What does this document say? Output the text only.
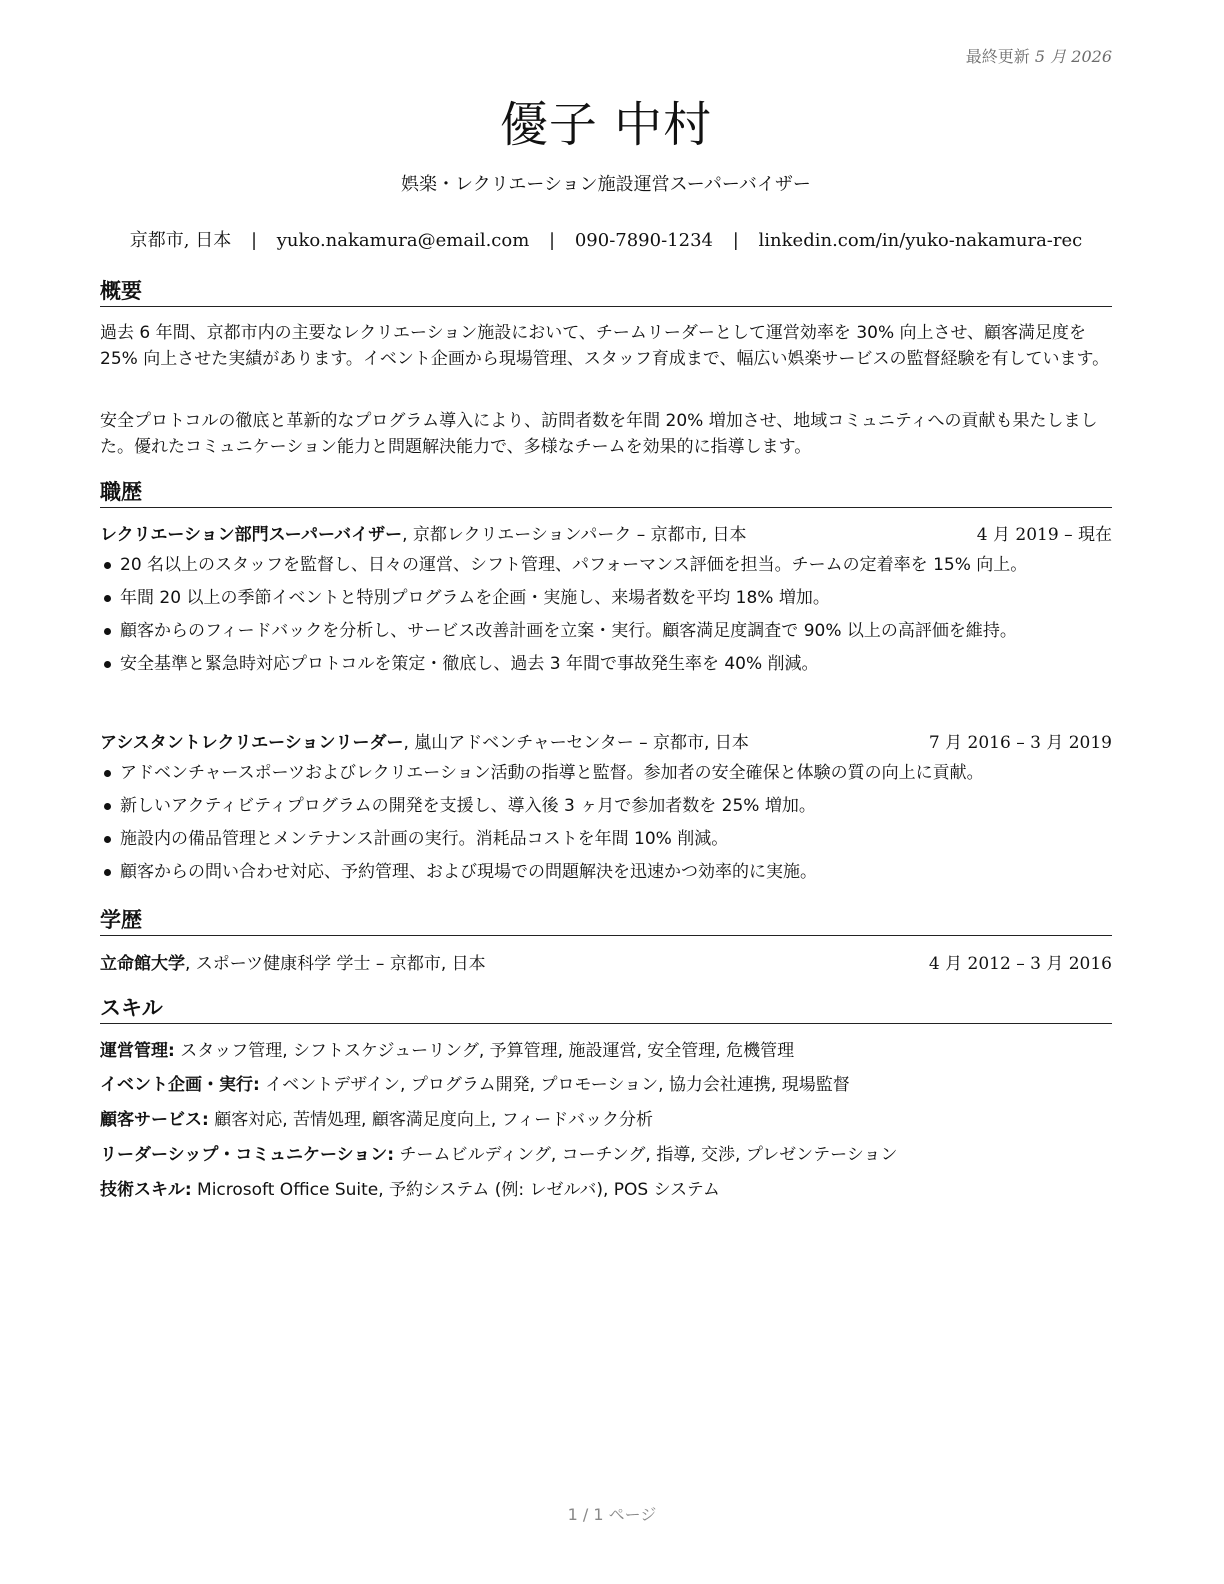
最終更新 5 月 2026
優子 中村
娯楽・レクリエーション施設運営スーパーバイザー
京都市, 日本 | yuko.nakamura@email.com | 090-7890-1234 | linkedin.com/in/yuko-nakamura-rec
概要
過去 6 年間、京都市内の主要なレクリエーション施設において、チームリーダーとして運営効率を 30% 向上させ、顧客満足度を 25% 向上させた実績があります。イベント企画から現場管理、スタッフ育成まで、幅広い娯楽サービスの監督経験を有しています。
安全プロトコルの徹底と革新的なプログラム導入により、訪問者数を年間 20% 増加させ、地域コミュニティへの貢献も果たしました。優れたコミュニケーション能力と問題解決能力で、多様なチームを効果的に指導します。
職歴
レクリエーション部門スーパーバイザー, 京都レクリエーションパーク – 京都市, 日本	4 月 2019 – 現在
20 名以上のスタッフを監督し、日々の運営、シフト管理、パフォーマンス評価を担当。チームの定着率を 15% 向上。
年間 20 以上の季節イベントと特別プログラムを企画・実施し、来場者数を平均 18% 増加。
顧客からのフィードバックを分析し、サービス改善計画を立案・実行。顧客満足度調査で 90% 以上の高評価を維持。
安全基準と緊急時対応プロトコルを策定・徹底し、過去 3 年間で事故発生率を 40% 削減。
アシスタントレクリエーションリーダー, 嵐山アドベンチャーセンター – 京都市, 日本	7 月 2016 – 3 月 2019
アドベンチャースポーツおよびレクリエーション活動の指導と監督。参加者の安全確保と体験の質の向上に貢献。
新しいアクティビティプログラムの開発を支援し、導入後 3 ヶ月で参加者数を 25% 増加。
施設内の備品管理とメンテナンス計画の実行。消耗品コストを年間 10% 削減。
顧客からの問い合わせ対応、予約管理、および現場での問題解決を迅速かつ効率的に実施。
学歴
立命館大学, スポーツ健康科学 学士 – 京都市, 日本	4 月 2012 – 3 月 2016
スキル
運営管理: スタッフ管理, シフトスケジューリング, 予算管理, 施設運営, 安全管理, 危機管理
イベント企画・実行: イベントデザイン, プログラム開発, プロモーション, 協力会社連携, 現場監督
顧客サービス: 顧客対応, 苦情処理, 顧客満足度向上, フィードバック分析
リーダーシップ・コミュニケーション: チームビルディング, コーチング, 指導, 交渉, プレゼンテーション
技術スキル: Microsoft Office Suite, 予約システム (例: レゼルバ), POS システム
1 / 1 ページ
